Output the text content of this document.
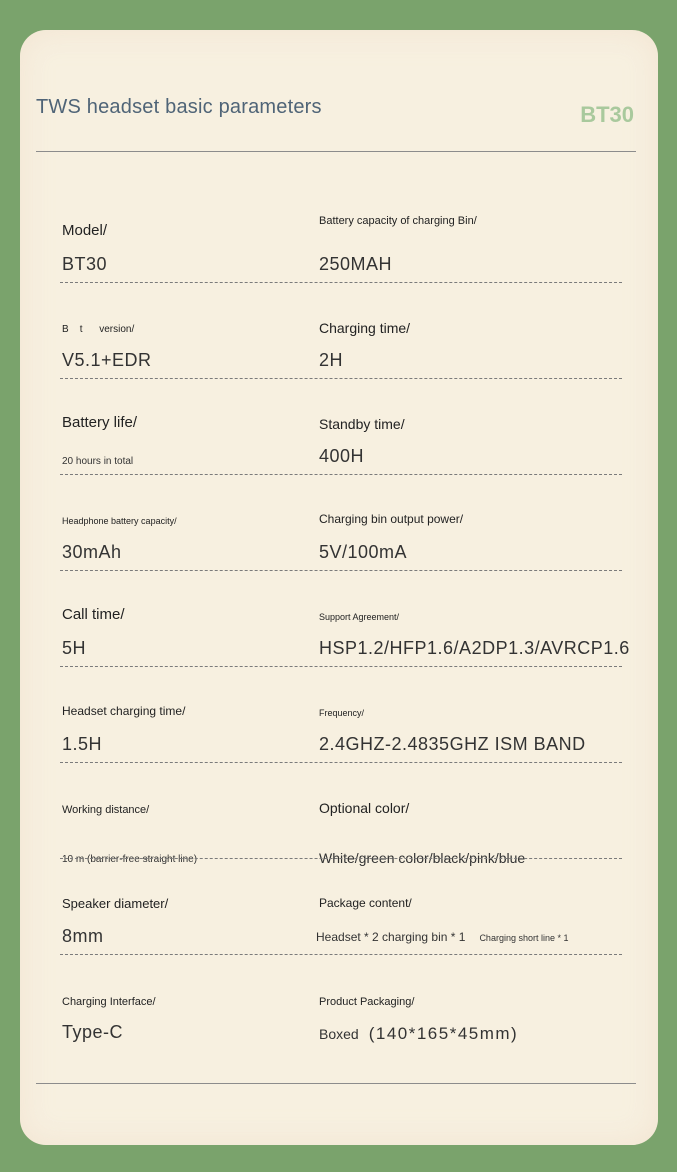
TWS headset basic parameters	BT30
Model/
BT30
Battery capacity of charging Bin/
250MAH
B    t      version/
V5.1+EDR
Charging time/
2H
Battery life/
20 hours in total
Standby time/
400H
Headphone battery capacity/
30mAh
Charging bin output power/
5V/100mA
Call time/
5H
Support Agreement/
HSP1.2/HFP1.6/A2DP1.3/AVRCP1.6
Headset charging time/
1.5H
Frequency/
2.4GHZ-2.4835GHZ ISM BAND
Working distance/
10 m (barrier-free straight line)
Optional color/
White/green color/black/pink/blue
Speaker diameter/
8mm
Package content/
Headset * 2 charging bin * 1 Charging short line * 1
Charging Interface/
Type-C
Product Packaging/
Boxed (140*165*45mm)
